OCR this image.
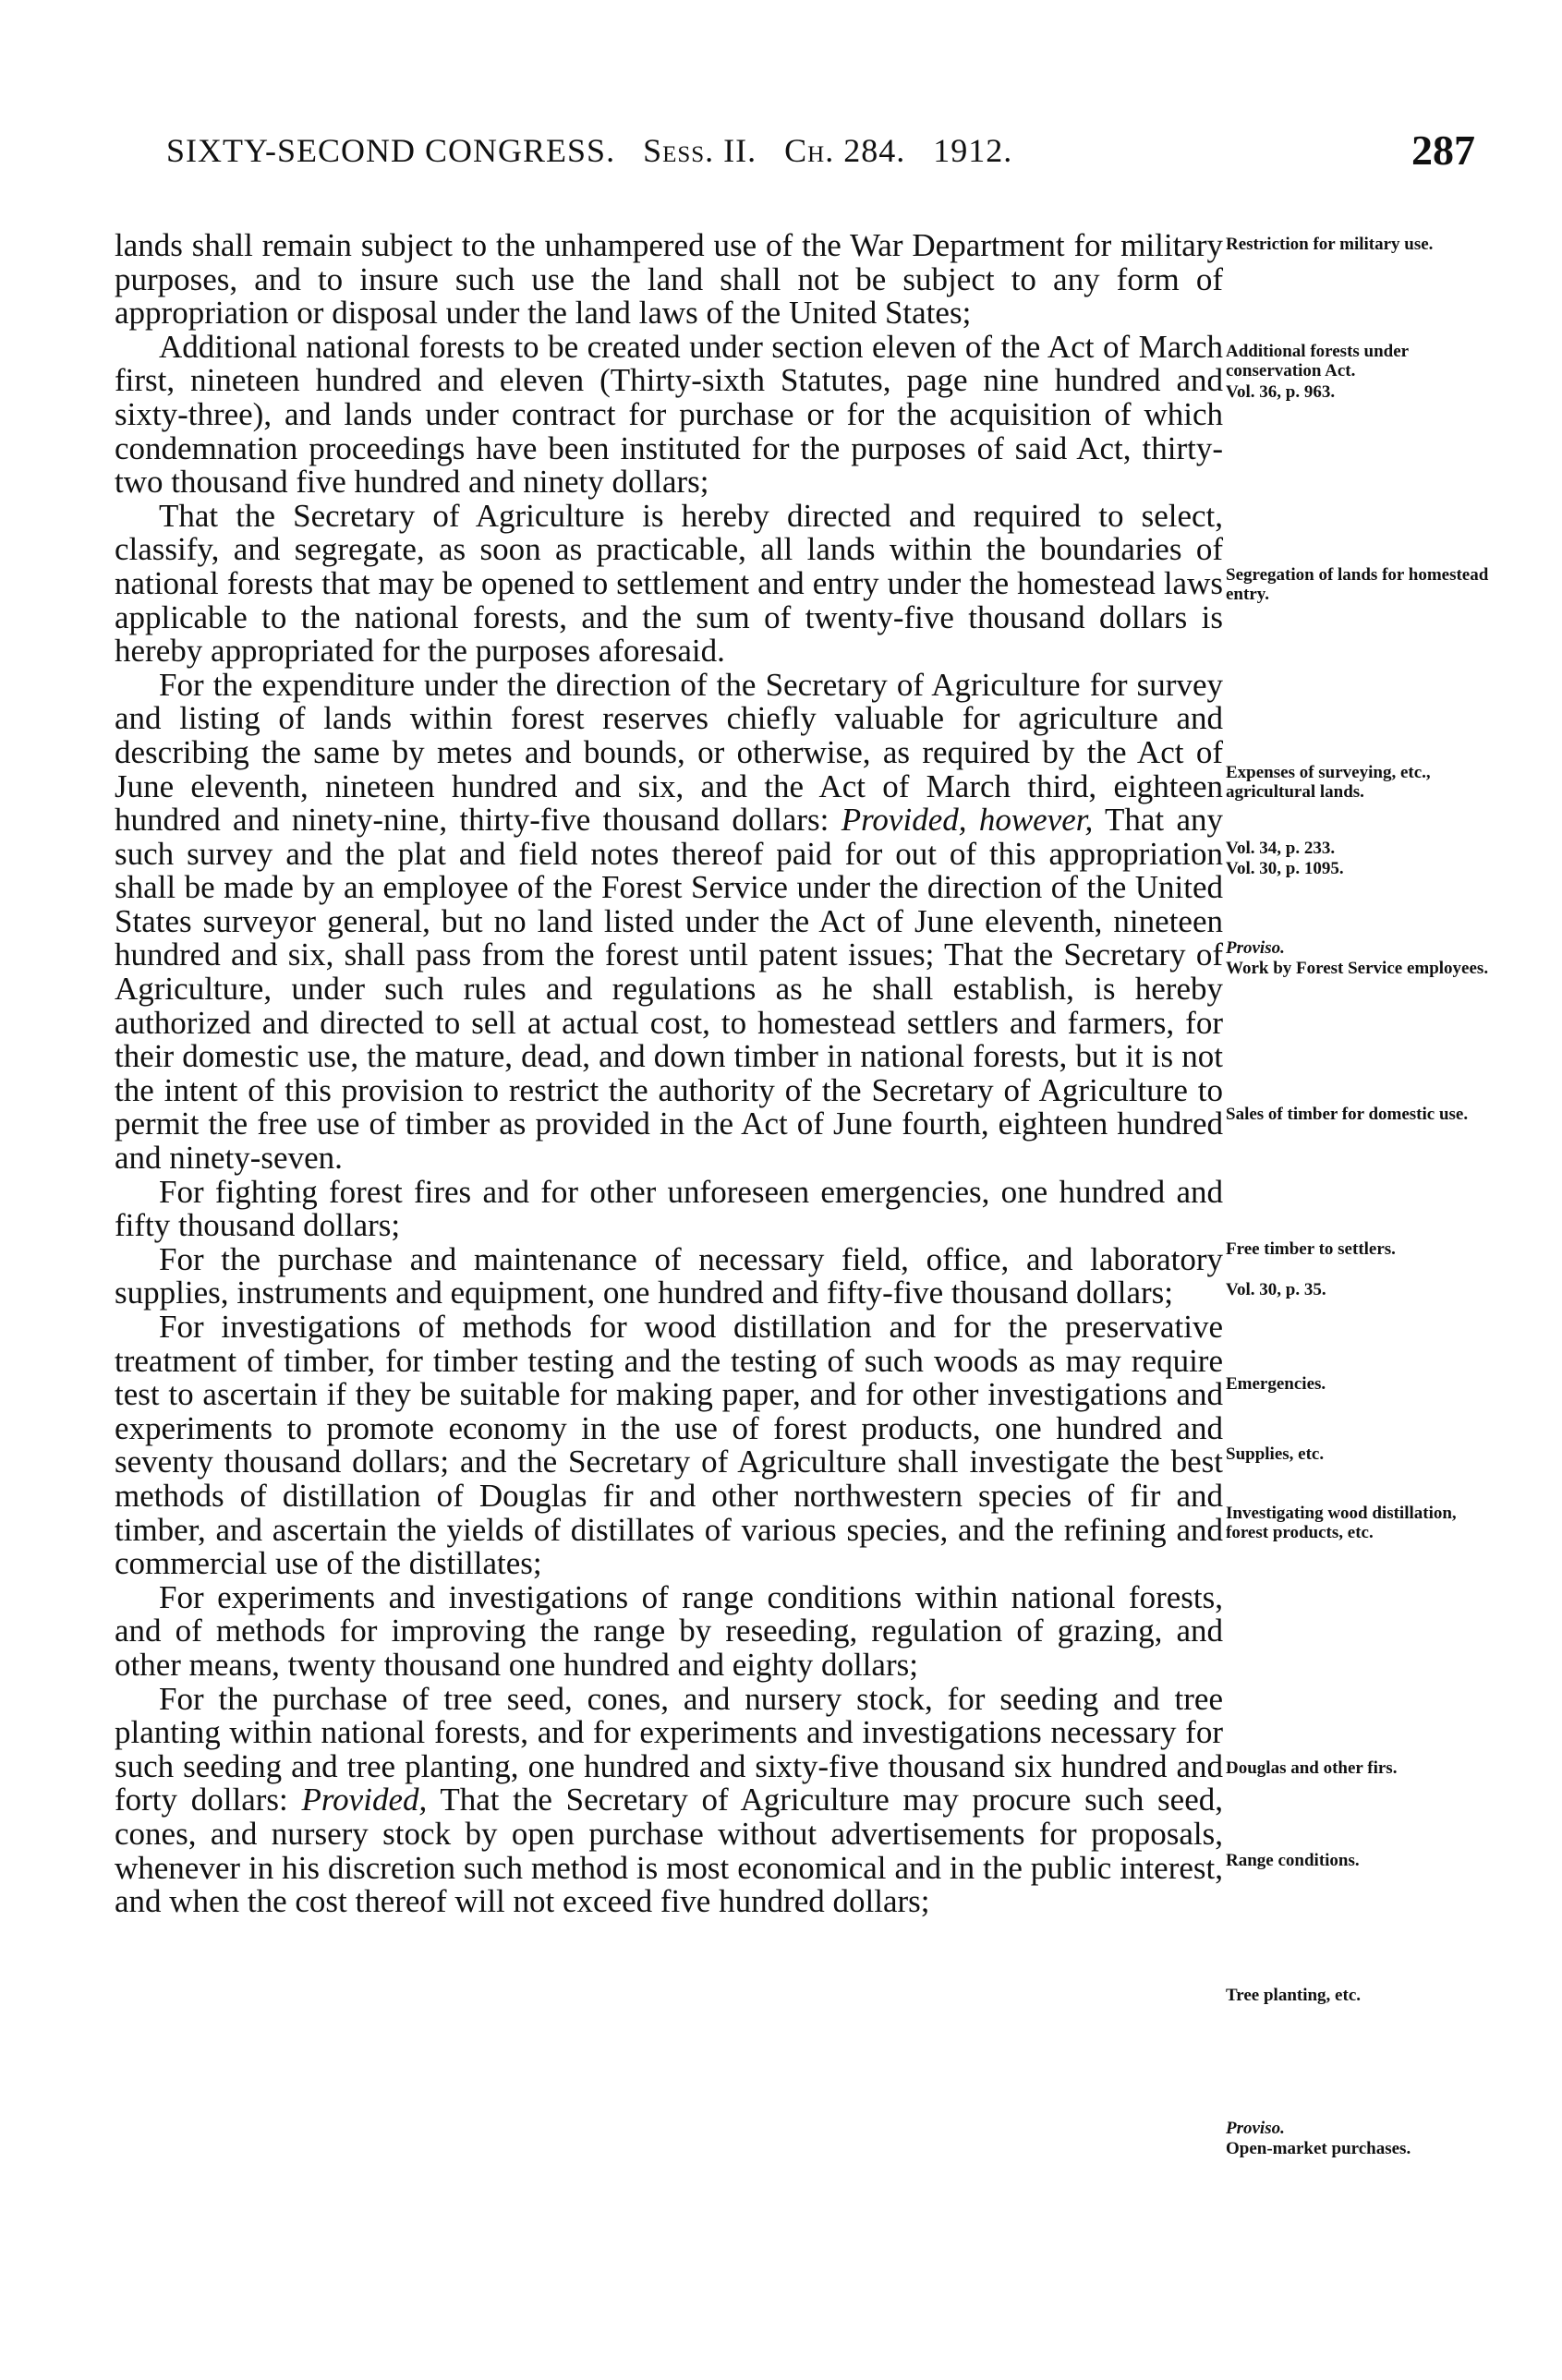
SIXTY-SECOND CONGRESS. Sess. II. Ch. 284. 1912.	287

lands shall remain subject to the unhampered use of the War Department for military purposes, and to insure such use the land shall not be subject to any form of appropriation or disposal under the land laws of the United States;

Additional national forests to be created under section eleven of the Act of March first, nineteen hundred and eleven (Thirty-sixth Statutes, page nine hundred and sixty-three), and lands under contract for purchase or for the acquisition of which condemnation proceedings have been instituted for the purposes of said Act, thirty-two thousand five hundred and ninety dollars;

That the Secretary of Agriculture is hereby directed and required to select, classify, and segregate, as soon as practicable, all lands within the boundaries of national forests that may be opened to settlement and entry under the homestead laws applicable to the national forests, and the sum of twenty-five thousand dollars is hereby appropriated for the purposes aforesaid.

For the expenditure under the direction of the Secretary of Agriculture for survey and listing of lands within forest reserves chiefly valuable for agriculture and describing the same by metes and bounds, or otherwise, as required by the Act of June eleventh, nineteen hundred and six, and the Act of March third, eighteen hundred and ninety-nine, thirty-five thousand dollars: Provided, however, That any such survey and the plat and field notes thereof paid for out of this appropriation shall be made by an employee of the Forest Service under the direction of the United States surveyor general, but no land listed under the Act of June eleventh, nineteen hundred and six, shall pass from the forest until patent issues; That the Secretary of Agriculture, under such rules and regulations as he shall establish, is hereby authorized and directed to sell at actual cost, to homestead settlers and farmers, for their domestic use, the mature, dead, and down timber in national forests, but it is not the intent of this provision to restrict the authority of the Secretary of Agriculture to permit the free use of timber as provided in the Act of June fourth, eighteen hundred and ninety-seven.

For fighting forest fires and for other unforeseen emergencies, one hundred and fifty thousand dollars;

For the purchase and maintenance of necessary field, office, and laboratory supplies, instruments and equipment, one hundred and fifty-five thousand dollars;

For investigations of methods for wood distillation and for the preservative treatment of timber, for timber testing and the testing of such woods as may require test to ascertain if they be suitable for making paper, and for other investigations and experiments to promote economy in the use of forest products, one hundred and seventy thousand dollars; and the Secretary of Agriculture shall investigate the best methods of distillation of Douglas fir and other northwestern species of fir and timber, and ascertain the yields of distillates of various species, and the refining and commercial use of the distillates;

For experiments and investigations of range conditions within national forests, and of methods for improving the range by reseeding, regulation of grazing, and other means, twenty thousand one hundred and eighty dollars;

For the purchase of tree seed, cones, and nursery stock, for seeding and tree planting within national forests, and for experiments and investigations necessary for such seeding and tree planting, one hundred and sixty-five thousand six hundred and forty dollars: Provided, That the Secretary of Agriculture may procure such seed, cones, and nursery stock by open purchase without advertisements for proposals, whenever in his discretion such method is most economical and in the public interest, and when the cost thereof will not exceed five hundred dollars;

Restriction for military use.
Additional forests under conservation Act.
Vol. 36, p. 963.
Segregation of lands for homestead entry.
Expenses of surveying, etc., agricultural lands.
Vol. 34, p. 233.
Vol. 30, p. 1095.
Proviso.
Work by Forest Service employees.
Sales of timber for domestic use.
Free timber to settlers.
Vol. 30, p. 35.
Emergencies.
Supplies, etc.
Investigating wood distillation, forest products, etc.
Douglas and other firs.
Range conditions.
Tree planting, etc.
Proviso.
Open-market purchases.
